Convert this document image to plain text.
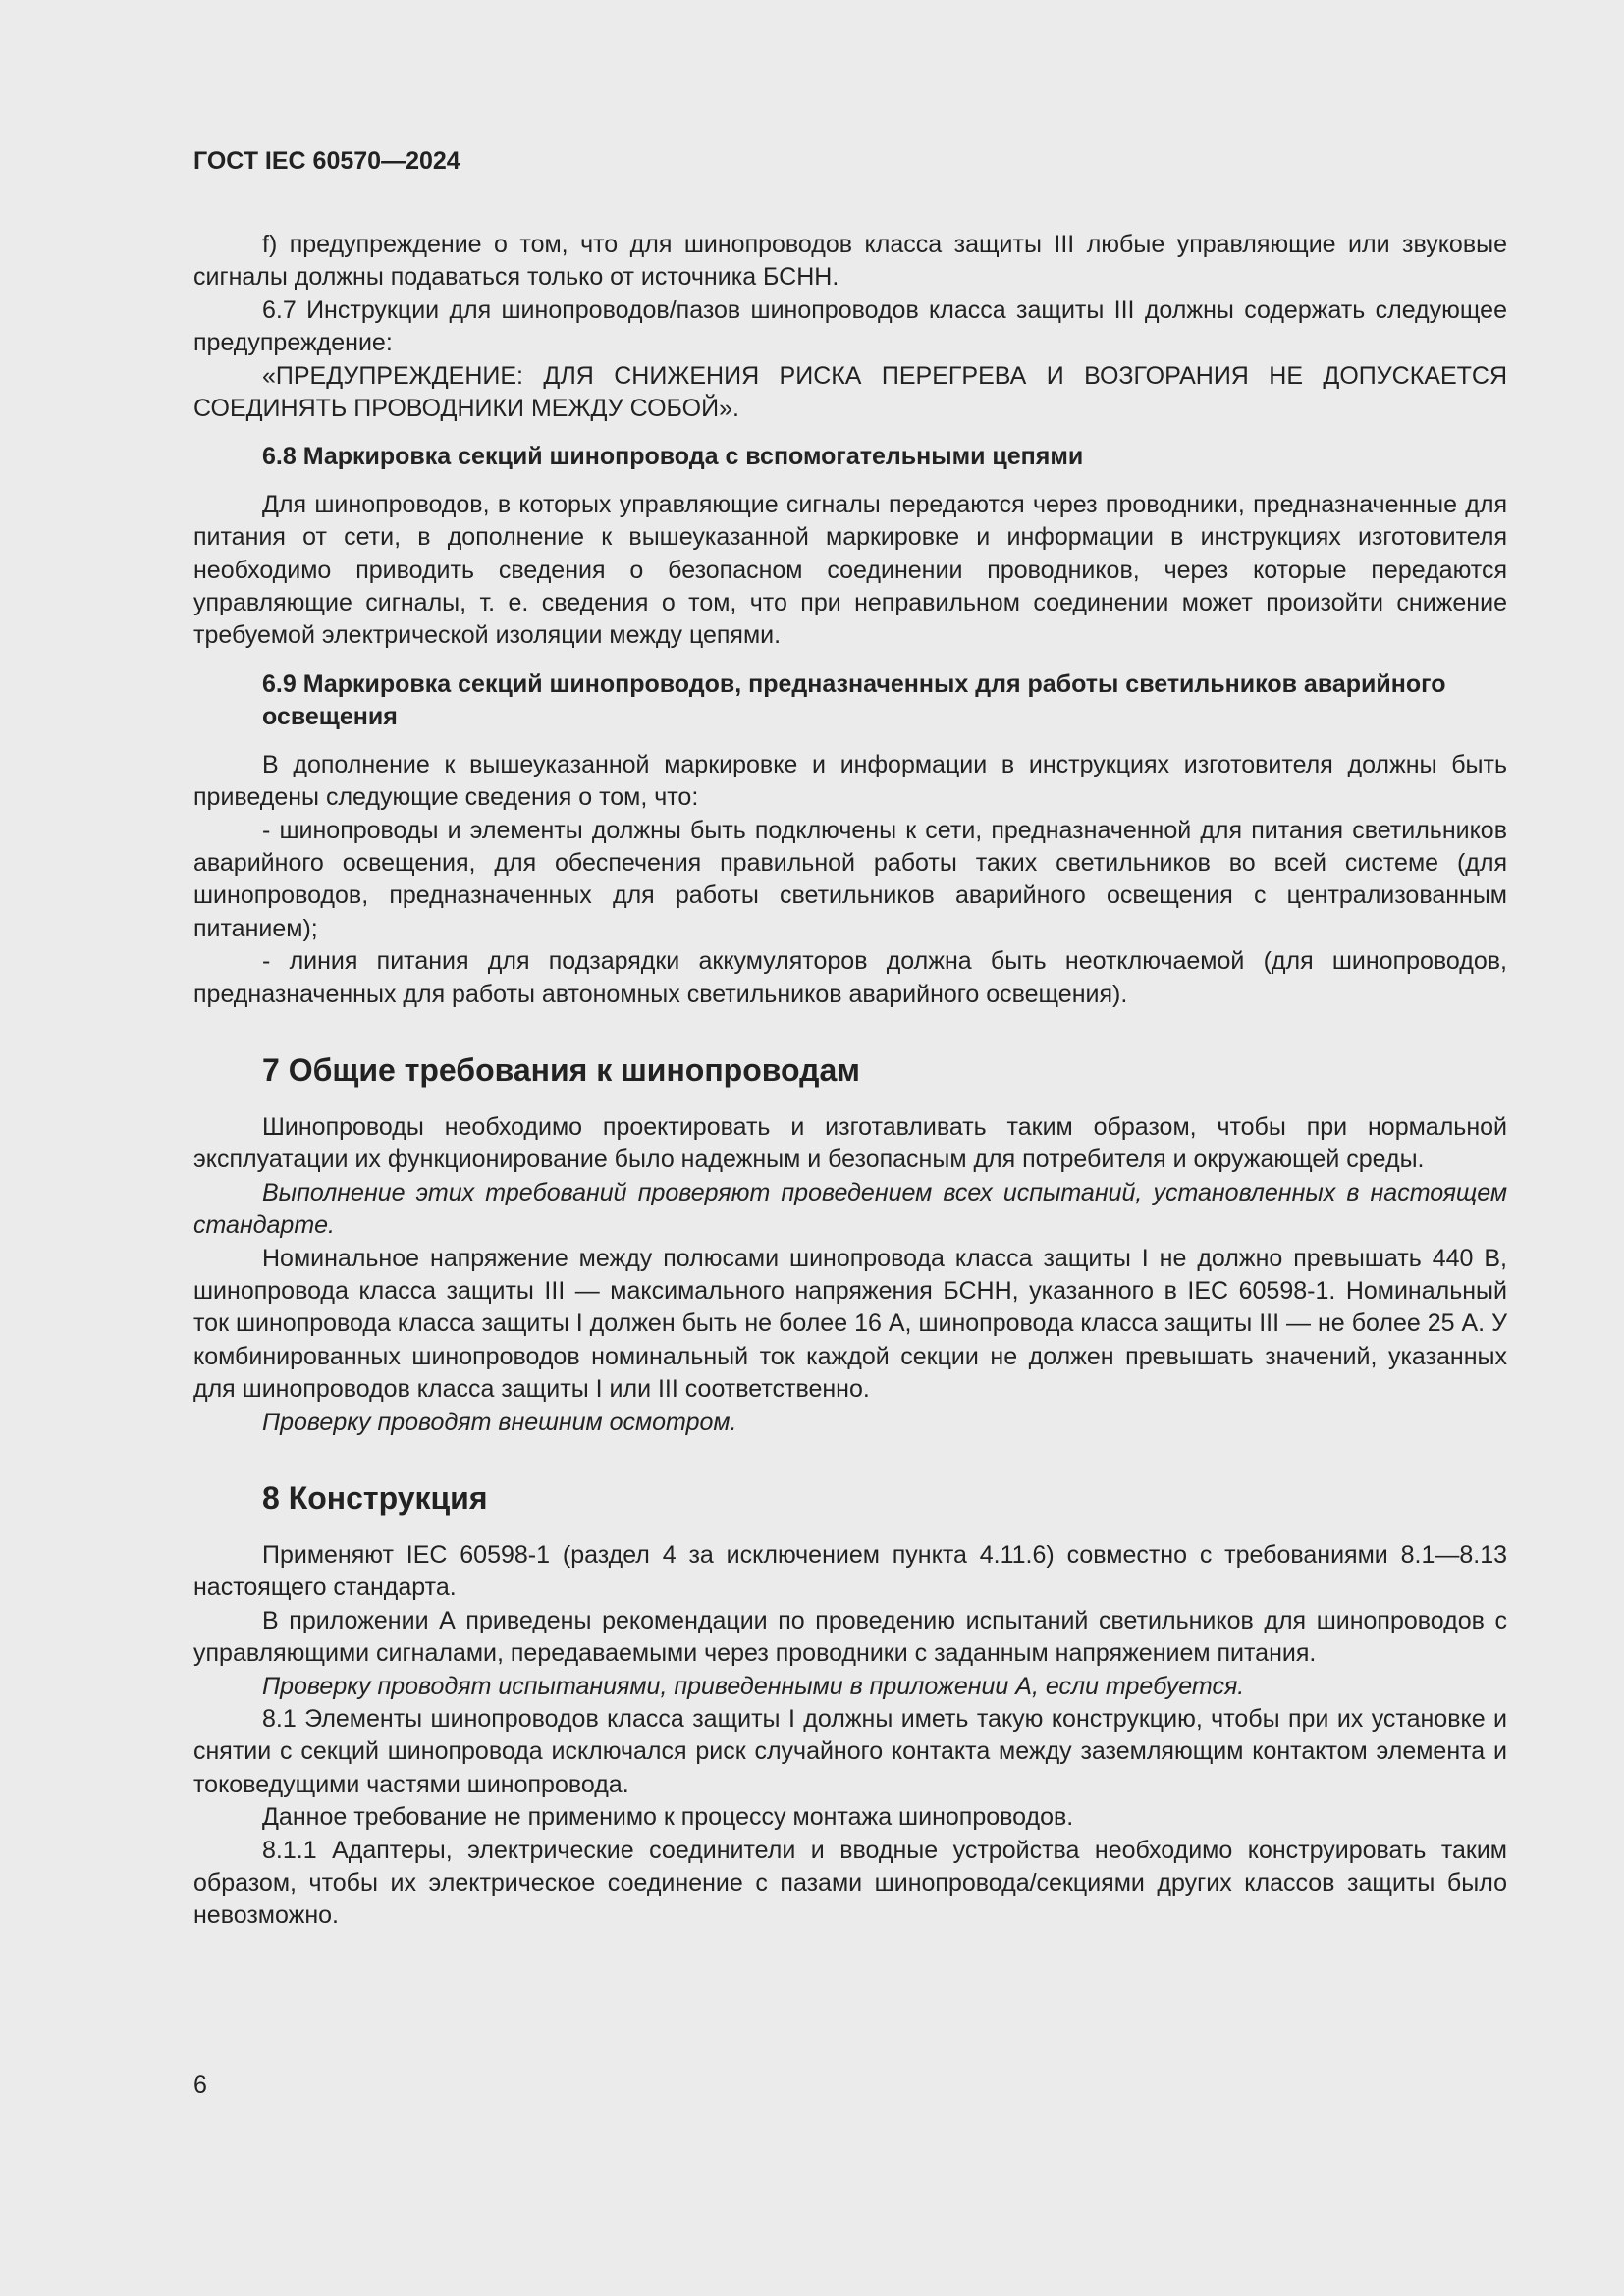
ГОСТ IEC 60570—2024

f) предупреждение о том, что для шинопроводов класса защиты III любые управляющие или звуковые сигналы должны подаваться только от источника БСНН.

6.7 Инструкции для шинопроводов/пазов шинопроводов класса защиты III должны содержать следующее предупреждение:

«ПРЕДУПРЕЖДЕНИЕ: ДЛЯ СНИЖЕНИЯ РИСКА ПЕРЕГРЕВА И ВОЗГОРАНИЯ НЕ ДОПУСКАЕТСЯ СОЕДИНЯТЬ ПРОВОДНИКИ МЕЖДУ СОБОЙ».

6.8 Маркировка секций шинопровода с вспомогательными цепями

Для шинопроводов, в которых управляющие сигналы передаются через проводники, предназначенные для питания от сети, в дополнение к вышеуказанной маркировке и информации в инструкциях изготовителя необходимо приводить сведения о безопасном соединении проводников, через которые передаются управляющие сигналы, т. е. сведения о том, что при неправильном соединении может произойти снижение требуемой электрической изоляции между цепями.

6.9 Маркировка секций шинопроводов, предназначенных для работы светильников аварийного освещения

В дополнение к вышеуказанной маркировке и информации в инструкциях изготовителя должны быть приведены следующие сведения о том, что:

- шинопроводы и элементы должны быть подключены к сети, предназначенной для питания светильников аварийного освещения, для обеспечения правильной работы таких светильников во всей системе (для шинопроводов, предназначенных для работы светильников аварийного освещения с централизованным питанием);

- линия питания для подзарядки аккумуляторов должна быть неотключаемой (для шинопроводов, предназначенных для работы автономных светильников аварийного освещения).

7 Общие требования к шинопроводам

Шинопроводы необходимо проектировать и изготавливать таким образом, чтобы при нормальной эксплуатации их функционирование было надежным и безопасным для потребителя и окружающей среды.

Выполнение этих требований проверяют проведением всех испытаний, установленных в настоящем стандарте.

Номинальное напряжение между полюсами шинопровода класса защиты I не должно превышать 440 В, шинопровода класса защиты III — максимального напряжения БСНН, указанного в IEC 60598-1. Номинальный ток шинопровода класса защиты I должен быть не более 16 А, шинопровода класса защиты III — не более 25 А. У комбинированных шинопроводов номинальный ток каждой секции не должен превышать значений, указанных для шинопроводов класса защиты I или III соответственно.

Проверку проводят внешним осмотром.

8 Конструкция

Применяют IEC 60598-1 (раздел 4 за исключением пункта 4.11.6) совместно с требованиями 8.1—8.13 настоящего стандарта.

В приложении А приведены рекомендации по проведению испытаний светильников для шинопроводов с управляющими сигналами, передаваемыми через проводники с заданным напряжением питания.

Проверку проводят испытаниями, приведенными в приложении А, если требуется.

8.1 Элементы шинопроводов класса защиты I должны иметь такую конструкцию, чтобы при их установке и снятии с секций шинопровода исключался риск случайного контакта между заземляющим контактом элемента и токоведущими частями шинопровода.

Данное требование не применимо к процессу монтажа шинопроводов.

8.1.1 Адаптеры, электрические соединители и вводные устройства необходимо конструировать таким образом, чтобы их электрическое соединение с пазами шинопровода/секциями других классов защиты было невозможно.

6
